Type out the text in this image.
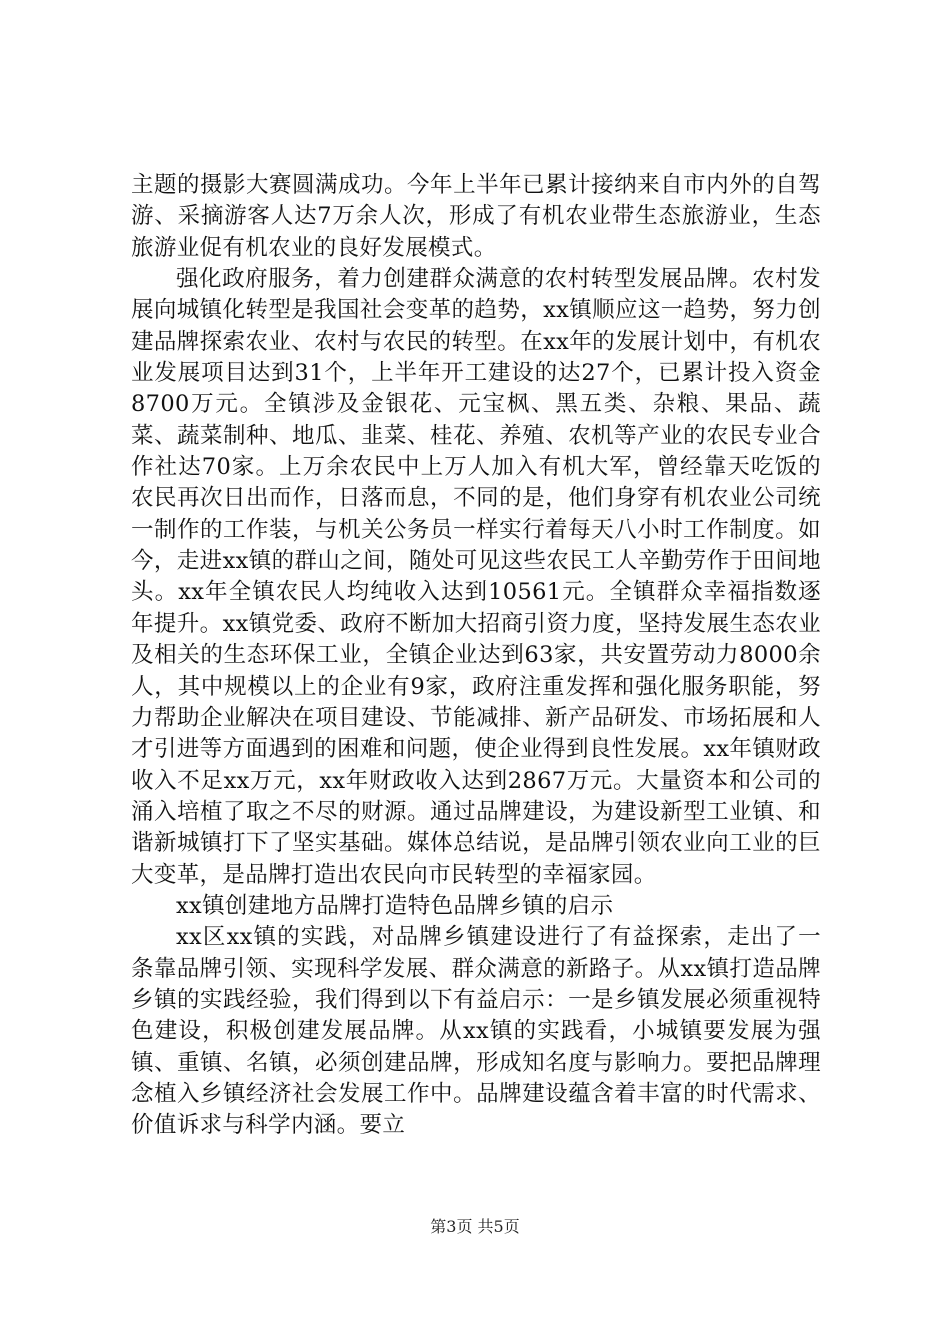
主题的摄影大赛圆满成功。今年上半年已累计接纳来自市内外的自驾游、采摘游客人达7万余人次，形成了有机农业带生态旅游业，生态旅游业促有机农业的良好发展模式。

强化政府服务，着力创建群众满意的农村转型发展品牌。农村发展向城镇化转型是我国社会变革的趋势，xx镇顺应这一趋势，努力创建品牌探索农业、农村与农民的转型。在xx年的发展计划中，有机农业发展项目达到31个，上半年开工建设的达27个，已累计投入资金8700万元。全镇涉及金银花、元宝枫、黑五类、杂粮、果品、蔬菜、蔬菜制种、地瓜、韭菜、桂花、养殖、农机等产业的农民专业合作社达70家。上万余农民中上万人加入有机大军，曾经靠天吃饭的农民再次日出而作，日落而息，不同的是，他们身穿有机农业公司统一制作的工作装，与机关公务员一样实行着每天八小时工作制度。如今，走进xx镇的群山之间，随处可见这些农民工人辛勤劳作于田间地头。xx年全镇农民人均纯收入达到10561元。全镇群众幸福指数逐年提升。xx镇党委、政府不断加大招商引资力度，坚持发展生态农业及相关的生态环保工业，全镇企业达到63家，共安置劳动力8000余人，其中规模以上的企业有9家，政府注重发挥和强化服务职能，努力帮助企业解决在项目建设、节能减排、新产品研发、市场拓展和人才引进等方面遇到的困难和问题，使企业得到良性发展。xx年镇财政收入不足xx万元，xx年财政收入达到2867万元。大量资本和公司的涌入培植了取之不尽的财源。通过品牌建设，为建设新型工业镇、和谐新城镇打下了坚实基础。媒体总结说，是品牌引领农业向工业的巨大变革，是品牌打造出农民向市民转型的幸福家园。

xx镇创建地方品牌打造特色品牌乡镇的启示

xx区xx镇的实践，对品牌乡镇建设进行了有益探索，走出了一条靠品牌引领、实现科学发展、群众满意的新路子。从xx镇打造品牌乡镇的实践经验，我们得到以下有益启示：一是乡镇发展必须重视特色建设，积极创建发展品牌。从xx镇的实践看，小城镇要发展为强镇、重镇、名镇，必须创建品牌，形成知名度与影响力。要把品牌理念植入乡镇经济社会发展工作中。品牌建设蕴含着丰富的时代需求、价值诉求与科学内涵。要立

第3页 共5页
